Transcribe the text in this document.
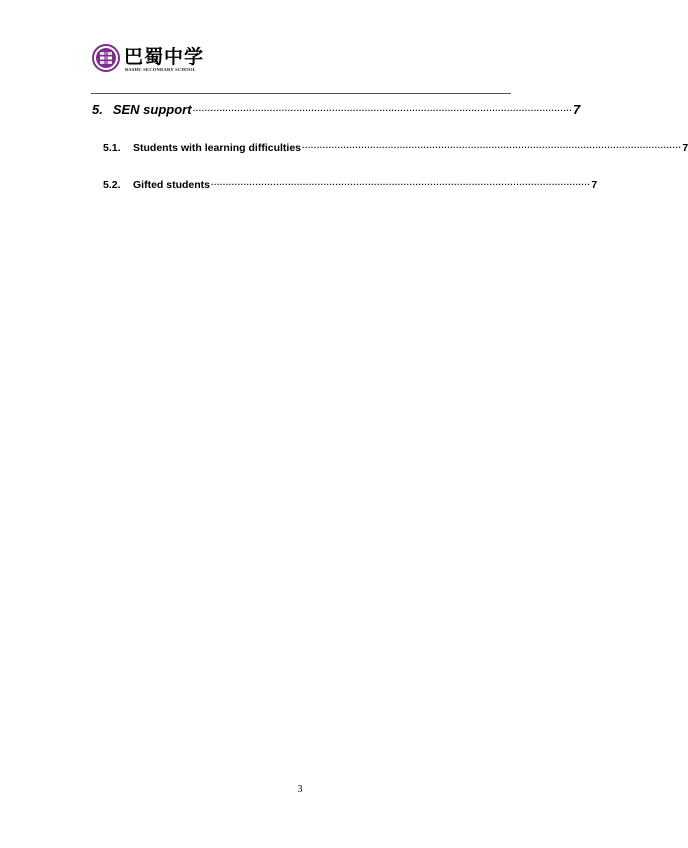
巴蜀中学
BASHU SECONDARY SCHOOL
5. SEN support ································································································································ 7
5.1.	Students with learning difficulties ································································································································ 7
5.2.	Gifted students ································································································································ 7
3
